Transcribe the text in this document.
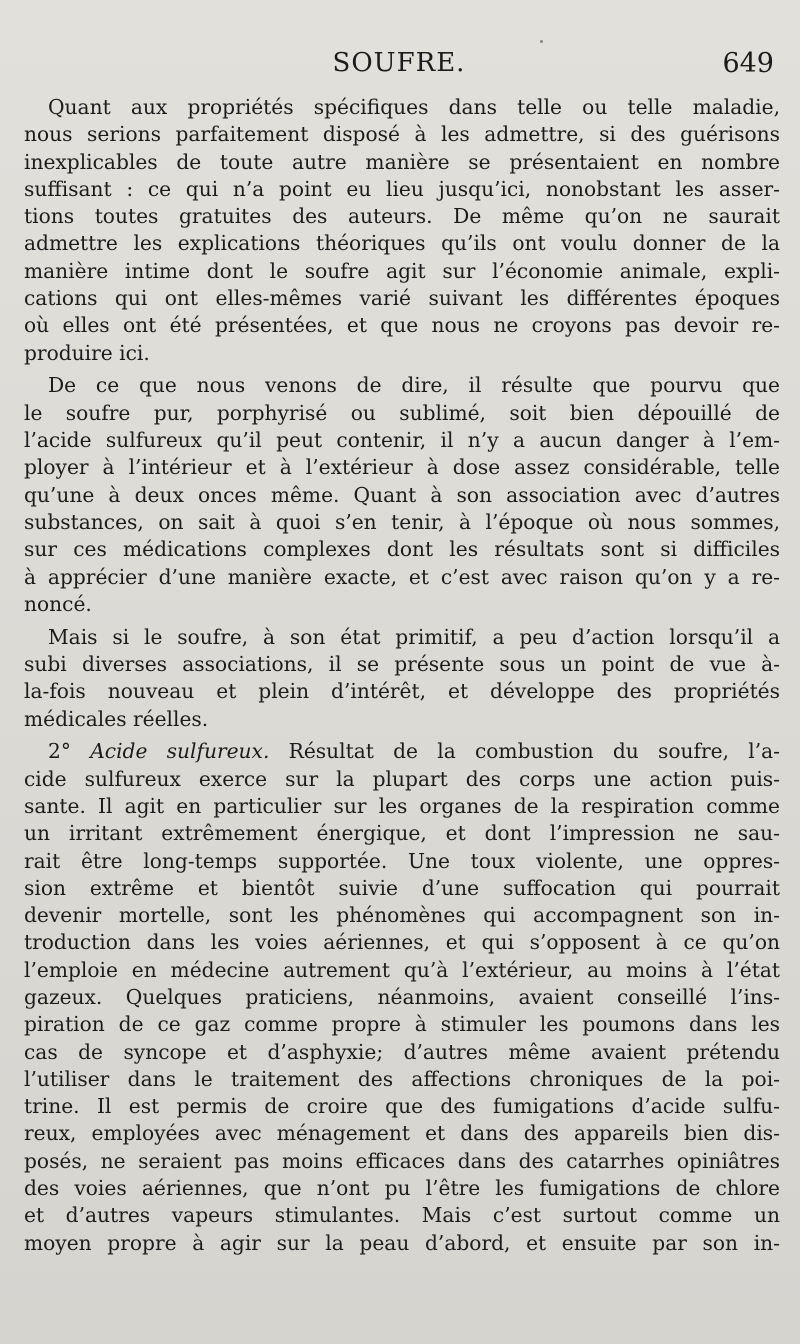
SOUFRE.	649
Quant aux propriétés spécifiques dans telle ou telle maladie,
nous serions parfaitement disposé à les admettre, si des guérisons
inexplicables de toute autre manière se présentaient en nombre
suffisant : ce qui n’a point eu lieu jusqu’ici, nonobstant les asser-
tions toutes gratuites des auteurs. De même qu’on ne saurait
admettre les explications théoriques qu’ils ont voulu donner de la
manière intime dont le soufre agit sur l’économie animale, expli-
cations qui ont elles-mêmes varié suivant les différentes époques
où elles ont été présentées, et que nous ne croyons pas devoir re-
produire ici.
De ce que nous venons de dire, il résulte que pourvu que
le soufre pur, porphyrisé ou sublimé, soit bien dépouillé de
l’acide sulfureux qu’il peut contenir, il n’y a aucun danger à l’em-
ployer à l’intérieur et à l’extérieur à dose assez considérable, telle
qu’une à deux onces même. Quant à son association avec d’autres
substances, on sait à quoi s’en tenir, à l’époque où nous sommes,
sur ces médications complexes dont les résultats sont si difficiles
à apprécier d’une manière exacte, et c’est avec raison qu’on y a re-
noncé.
Mais si le soufre, à son état primitif, a peu d’action lorsqu’il a
subi diverses associations, il se présente sous un point de vue à-
la-fois nouveau et plein d’intérêt, et développe des propriétés
médicales réelles.
2° Acide sulfureux. Résultat de la combustion du soufre, l’a-
cide sulfureux exerce sur la plupart des corps une action puis-
sante. Il agit en particulier sur les organes de la respiration comme
un irritant extrêmement énergique, et dont l’impression ne sau-
rait être long-temps supportée. Une toux violente, une oppres-
sion extrême et bientôt suivie d’une suffocation qui pourrait
devenir mortelle, sont les phénomènes qui accompagnent son in-
troduction dans les voies aériennes, et qui s’opposent à ce qu’on
l’emploie en médecine autrement qu’à l’extérieur, au moins à l’état
gazeux. Quelques praticiens, néanmoins, avaient conseillé l’ins-
piration de ce gaz comme propre à stimuler les poumons dans les
cas de syncope et d’asphyxie; d’autres même avaient prétendu
l’utiliser dans le traitement des affections chroniques de la poi-
trine. Il est permis de croire que des fumigations d’acide sulfu-
reux, employées avec ménagement et dans des appareils bien dis-
posés, ne seraient pas moins efficaces dans des catarrhes opiniâtres
des voies aériennes, que n’ont pu l’être les fumigations de chlore
et d’autres vapeurs stimulantes. Mais c’est surtout comme un
moyen propre à agir sur la peau d’abord, et ensuite par son in-
